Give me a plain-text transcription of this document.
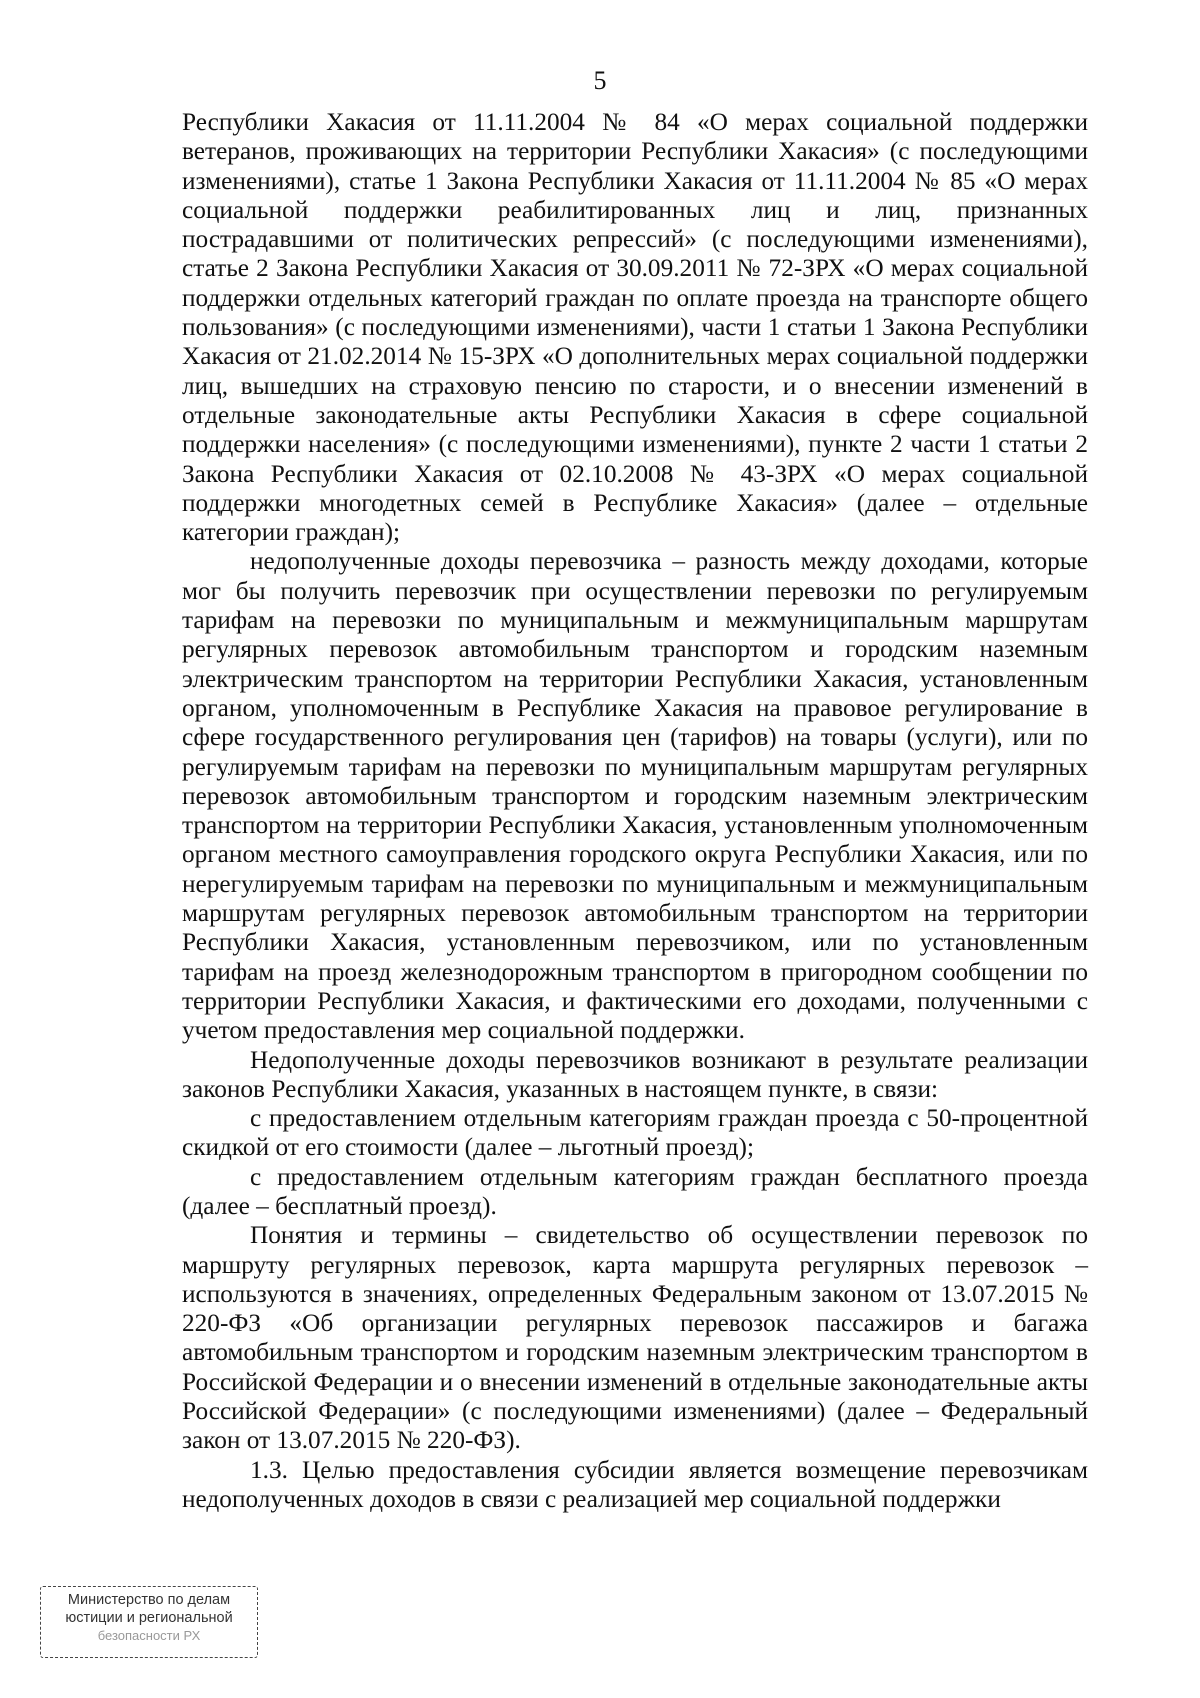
5

Республики Хакасия от 11.11.2004 № 84 «О мерах социальной поддержки ветеранов, проживающих на территории Республики Хакасия» (с последующими изменениями), статье 1 Закона Республики Хакасия от 11.11.2004 № 85 «О мерах социальной поддержки реабилитированных лиц и лиц, признанных пострадавшими от политических репрессий» (с последующими изменениями), статье 2 Закона Республики Хакасия от 30.09.2011 № 72-ЗРХ «О мерах социальной поддержки отдельных категорий граждан по оплате проезда на транспорте общего пользования» (с последующими изменениями), части 1 статьи 1 Закона Республики Хакасия от 21.02.2014 № 15-ЗРХ «О дополнительных мерах социальной поддержки лиц, вышедших на страховую пенсию по старости, и о внесении изменений в отдельные законодательные акты Республики Хакасия в сфере социальной поддержки населения» (с последующими изменениями), пункте 2 части 1 статьи 2 Закона Республики Хакасия от 02.10.2008 № 43-ЗРХ «О мерах социальной поддержки многодетных семей в Республике Хакасия» (далее – отдельные категории граждан);

недополученные доходы перевозчика – разность между доходами, которые мог бы получить перевозчик при осуществлении перевозки по регулируемым тарифам на перевозки по муниципальным и межмуниципальным маршрутам регулярных перевозок автомобильным транспортом и городским наземным электрическим транспортом на территории Республики Хакасия, установленным органом, уполномоченным в Республике Хакасия на правовое регулирование в сфере государственного регулирования цен (тарифов) на товары (услуги), или по регулируемым тарифам на перевозки по муниципальным маршрутам регулярных перевозок автомобильным транспортом и городским наземным электрическим транспортом на территории Республики Хакасия, установленным уполномоченным органом местного самоуправления городского округа Республики Хакасия, или по нерегулируемым тарифам на перевозки по муниципальным и межмуниципальным маршрутам регулярных перевозок автомобильным транспортом на территории Республики Хакасия, установленным перевозчиком, или по установленным тарифам на проезд железнодорожным транспортом в пригородном сообщении по территории Республики Хакасия, и фактическими его доходами, полученными с учетом предоставления мер социальной поддержки.

Недополученные доходы перевозчиков возникают в результате реализации законов Республики Хакасия, указанных в настоящем пункте, в связи:

с предоставлением отдельным категориям граждан проезда с 50-процентной скидкой от его стоимости (далее – льготный проезд);

с предоставлением отдельным категориям граждан бесплатного проезда (далее – бесплатный проезд).

Понятия и термины – свидетельство об осуществлении перевозок по маршруту регулярных перевозок, карта маршрута регулярных перевозок – используются в значениях, определенных Федеральным законом от 13.07.2015 № 220-ФЗ «Об организации регулярных перевозок пассажиров и багажа автомобильным транспортом и городским наземным электрическим транспортом в Российской Федерации и о внесении изменений в отдельные законодательные акты Российской Федерации» (с последующими изменениями) (далее – Федеральный закон от 13.07.2015 № 220-ФЗ).

1.3. Целью предоставления субсидии является возмещение перевозчикам недополученных доходов в связи с реализацией мер социальной поддержки

Министерство по делам
юстиции и региональной
безопасности РХ
